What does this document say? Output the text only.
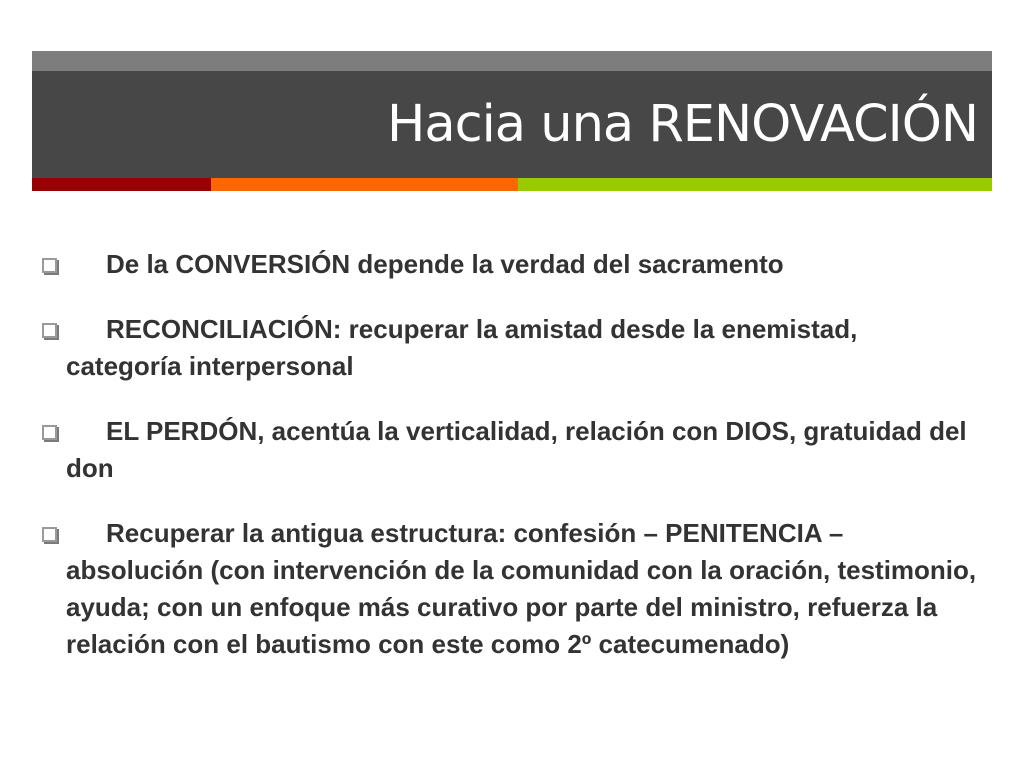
Hacia una RENOVACIÓN
De la CONVERSIÓN depende la verdad del sacramento
RECONCILIACIÓN: recuperar la amistad desde la enemistad, categoría interpersonal
EL PERDÓN, acentúa la verticalidad, relación con DIOS, gratuidad del don
Recuperar la antigua estructura: confesión – PENITENCIA – absolución (con intervención de la comunidad con la oración, testimonio, ayuda; con un enfoque más curativo por parte del ministro, refuerza la relación con el bautismo con este como 2º catecumenado)
